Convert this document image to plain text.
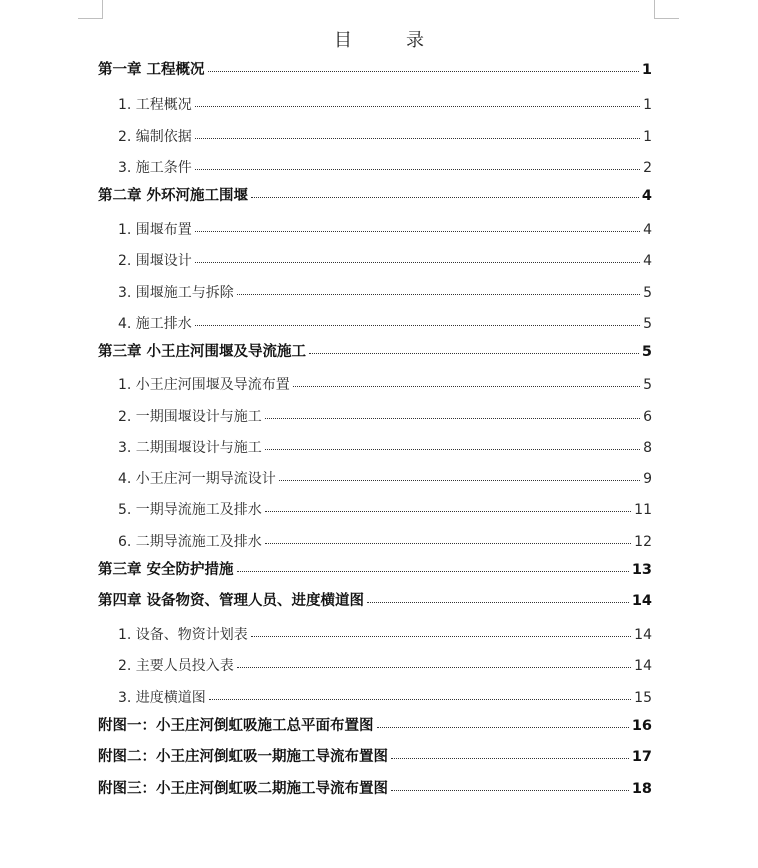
目　录
第一章 工程概况	1
1. 工程概况	1
2. 编制依据	1
3. 施工条件	2
第二章 外环河施工围堰	4
1. 围堰布置	4
2. 围堰设计	4
3. 围堰施工与拆除	5
4. 施工排水	5
第三章 小王庄河围堰及导流施工	5
1. 小王庄河围堰及导流布置	5
2. 一期围堰设计与施工	6
3. 二期围堰设计与施工	8
4. 小王庄河一期导流设计	9
5. 一期导流施工及排水	11
6. 二期导流施工及排水	12
第三章 安全防护措施	13
第四章 设备物资、管理人员、进度横道图	14
1. 设备、物资计划表	14
2. 主要人员投入表	14
3. 进度横道图	15
附图一：小王庄河倒虹吸施工总平面布置图	16
附图二：小王庄河倒虹吸一期施工导流布置图	17
附图三：小王庄河倒虹吸二期施工导流布置图	18
